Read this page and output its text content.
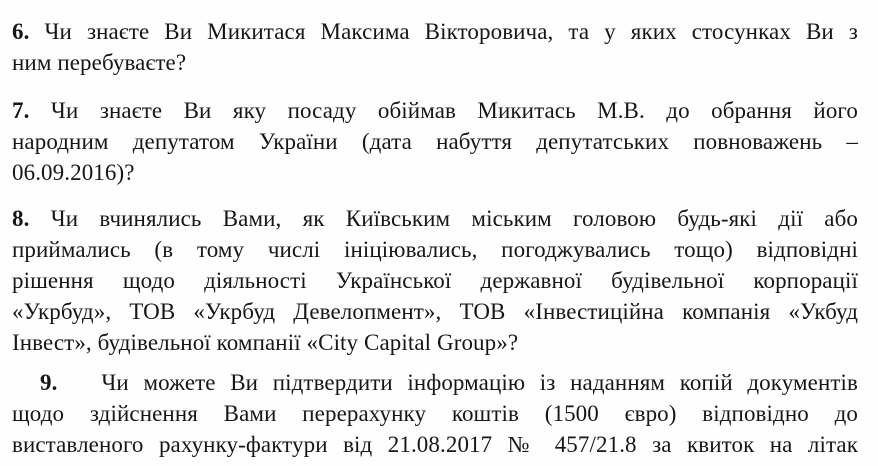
6. Чи знаєте Ви Микитася Максима Вікторовича, та у яких стосунках Ви з
ним перебуваєте?
7. Чи знаєте Ви яку посаду обіймав Микитась М.В. до обрання його
народним депутатом України (дата набуття депутатських повноважень –
06.09.2016)?
8. Чи вчинялись Вами, як Київським міським головою будь-які дії або
приймались (в тому числі ініціювались, погоджувались тощо) відповідні
рішення щодо діяльності Української державної будівельної корпорації
«Укрбуд», ТОВ «Укрбуд Девелопмент», ТОВ «Інвестиційна компанія «Укбуд
Інвест», будівельної компанії «City Capital Group»?
9. Чи можете Ви підтвердити інформацію із наданням копій документів
щодо здійснення Вами перерахунку коштів (1500 євро) відповідно до
виставленого рахунку-фактури від 21.08.2017 № 457/21.8 за квиток на літак
